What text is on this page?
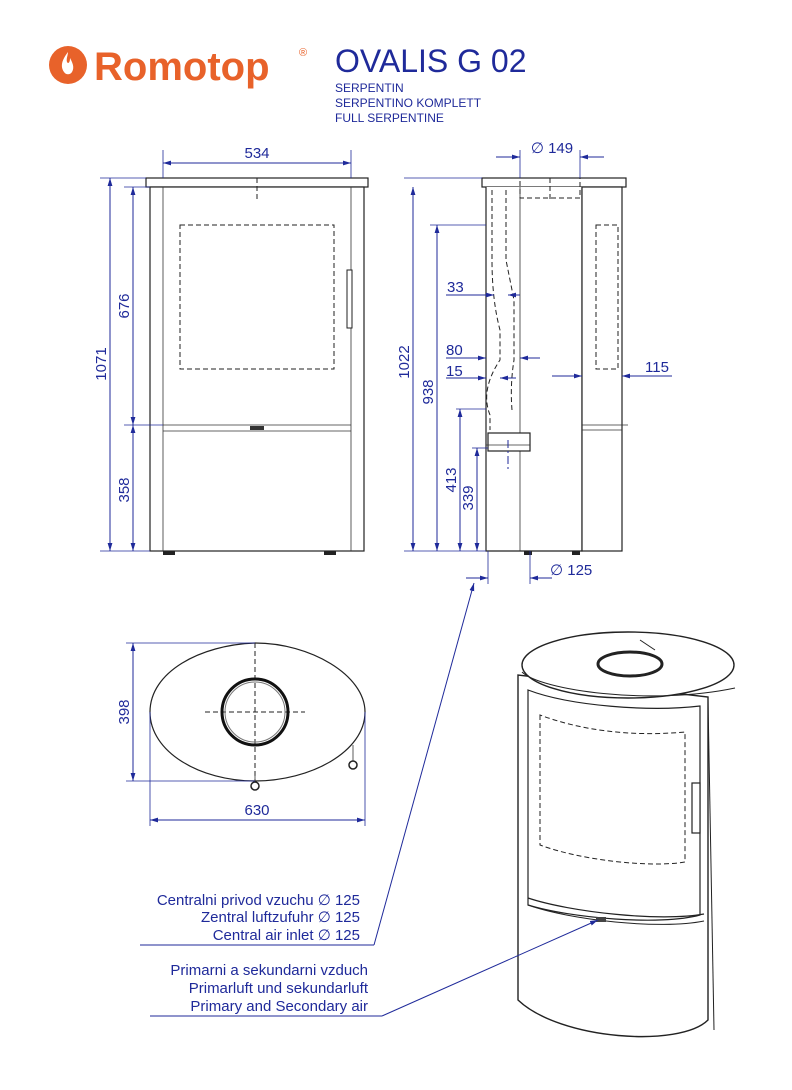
Romotop	® OVALIS G 02
SERPENTIN
SERPENTINO KOMPLETT
FULL SERPENTINE
534
1071
676
358
∅ 149
33
80
15	115
1022
938
413
339
∅ 125
398
630
Centralni privod vzuchu ∅ 125
Zentral luftzufuhr ∅ 125
Central air inlet ∅ 125
Primarni a sekundarni vzduch
Primarluft und sekundarluft
Primary and Secondary air
